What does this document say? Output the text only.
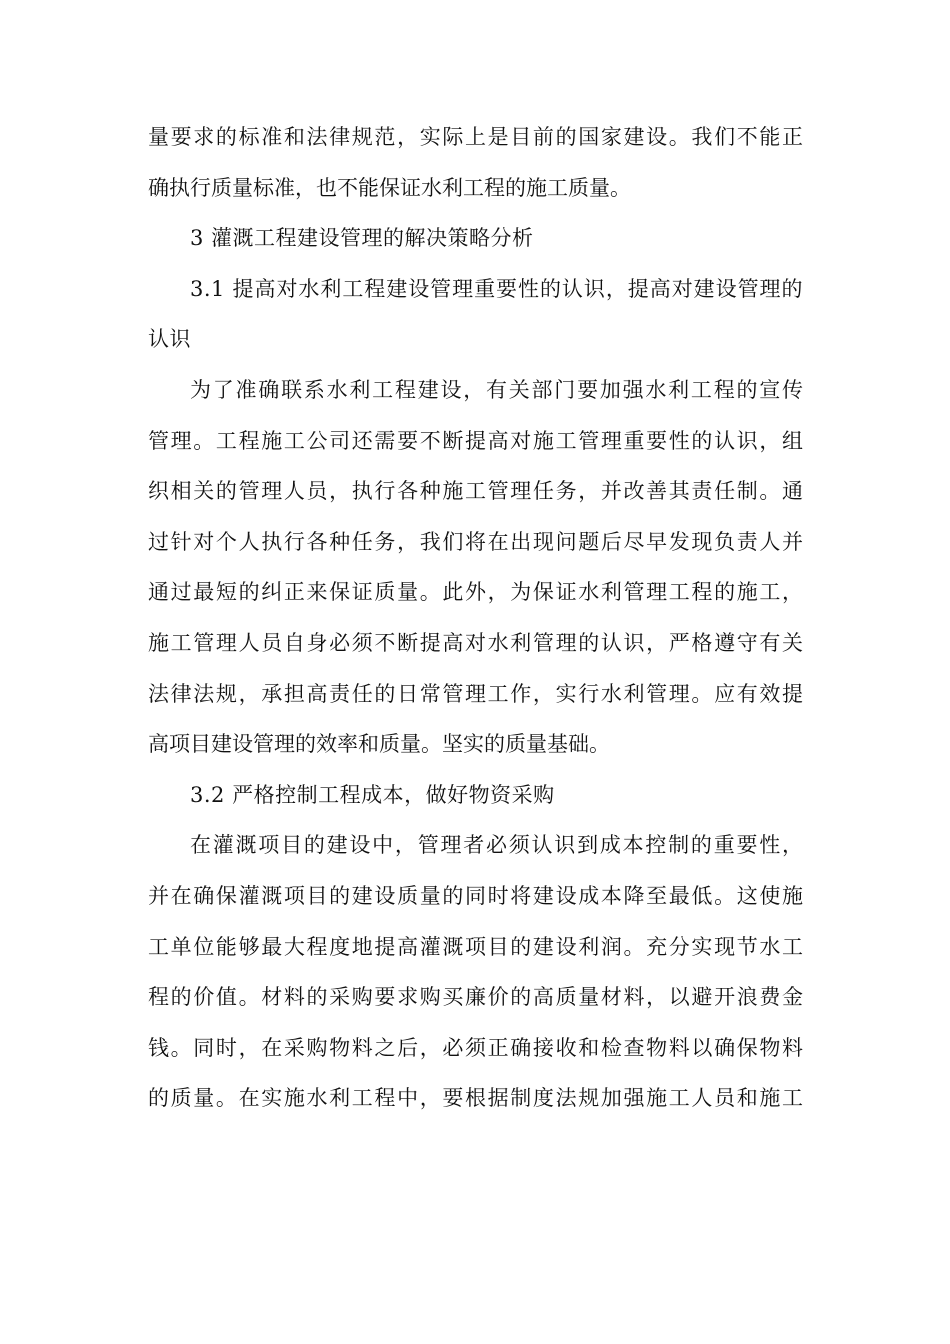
量要求的标准和法律规范，实际上是目前的国家建设。我们不能正
确执行质量标准，也不能保证水利工程的施工质量。
3 灌溉工程建设管理的解决策略分析
3.1 提高对水利工程建设管理重要性的认识，提高对建设管理的
认识
为了准确联系水利工程建设，有关部门要加强水利工程的宣传
管理。工程施工公司还需要不断提高对施工管理重要性的认识，组
织相关的管理人员，执行各种施工管理任务，并改善其责任制。通
过针对个人执行各种任务，我们将在出现问题后尽早发现负责人并
通过最短的纠正来保证质量。此外，为保证水利管理工程的施工，
施工管理人员自身必须不断提高对水利管理的认识，严格遵守有关
法律法规，承担高责任的日常管理工作，实行水利管理。应有效提
高项目建设管理的效率和质量。坚实的质量基础。
3.2 严格控制工程成本，做好物资采购
在灌溉项目的建设中，管理者必须认识到成本控制的重要性，
并在确保灌溉项目的建设质量的同时将建设成本降至最低。这使施
工单位能够最大程度地提高灌溉项目的建设利润。充分实现节水工
程的价值。材料的采购要求购买廉价的高质量材料，以避开浪费金
钱。同时，在采购物料之后，必须正确接收和检查物料以确保物料
的质量。在实施水利工程中，要根据制度法规加强施工人员和施工
